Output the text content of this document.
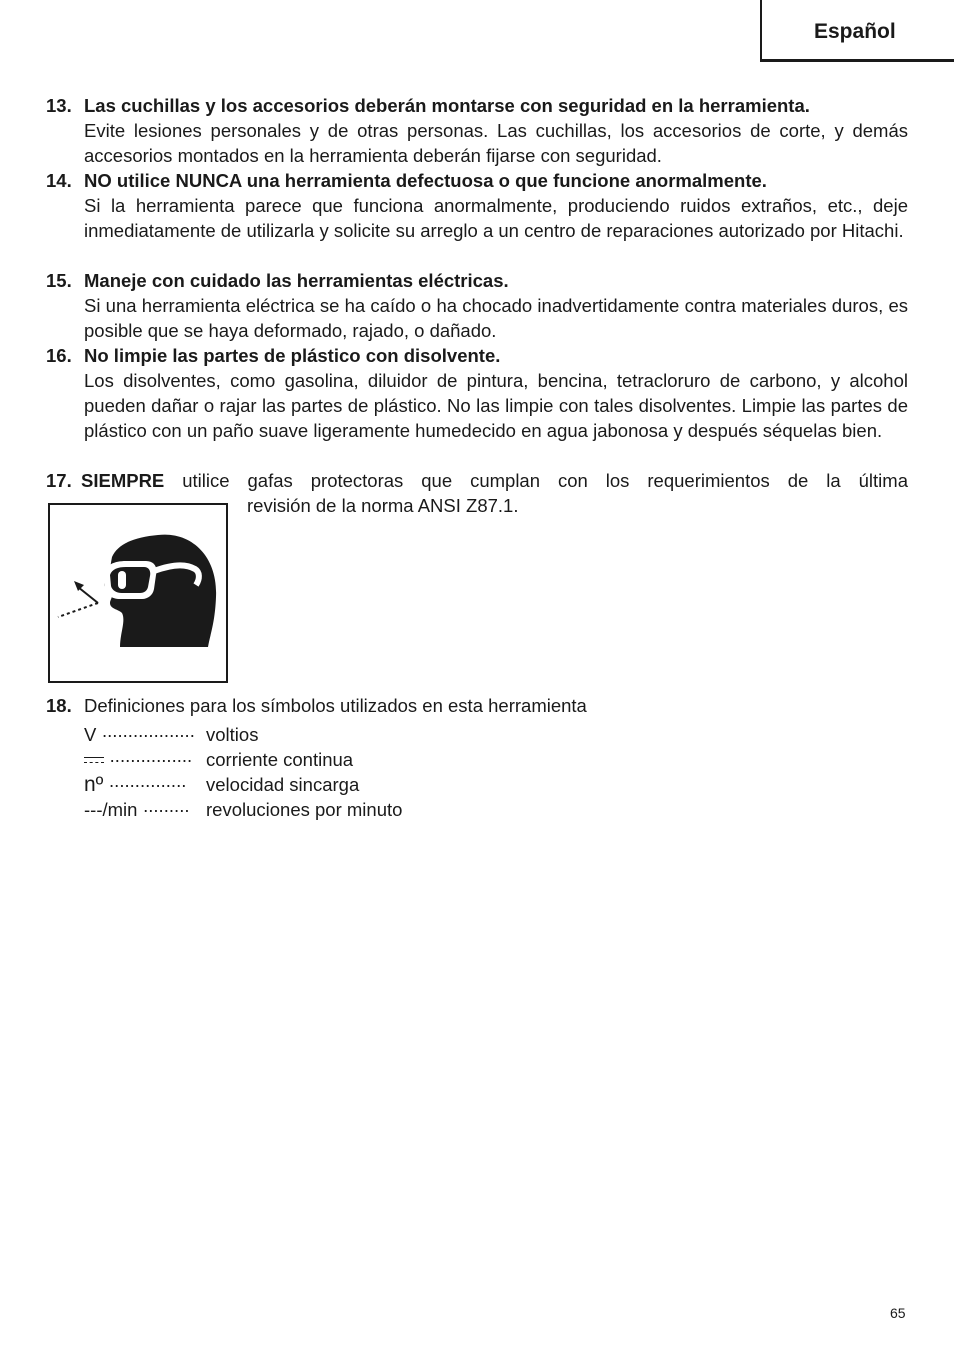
Español
13. Las cuchillas y los accesorios deberán montarse con seguridad en la herramienta.
Evite lesiones personales y de otras personas. Las cuchillas, los accesorios de corte, y demás accesorios montados en la herramienta deberán fijarse con seguridad.
14. NO utilice NUNCA una herramienta defectuosa o que funcione anormalmente.
Si la herramienta parece que funciona anormalmente, produciendo ruidos extraños, etc., deje inmediatamente de utilizarla y solicite su arreglo a un centro de reparaciones autorizado por Hitachi.
15. Maneje con cuidado las herramientas eléctricas.
Si una herramienta eléctrica se ha caído o ha chocado inadvertidamente contra materiales duros, es posible que se haya deformado, rajado, o dañado.
16. No limpie las partes de plástico con disolvente.
Los disolventes, como gasolina, diluidor de pintura, bencina, tetracloruro de carbono, y alcohol pueden dañar o rajar las partes de plástico. No las limpie con tales disolventes. Limpie las partes de plástico con un paño suave ligeramente humedecido en agua jabonosa y después séquelas bien.
17. SIEMPRE utilice gafas protectoras que cumplan con los requerimientos de la última
revisión de la norma ANSI Z87.1.
18. Definiciones para los símbolos utilizados en esta herramienta
V ·················· voltios
················ corriente continua
nº ··············· velocidad sincarga
---/min ········· revoluciones por minuto
65
